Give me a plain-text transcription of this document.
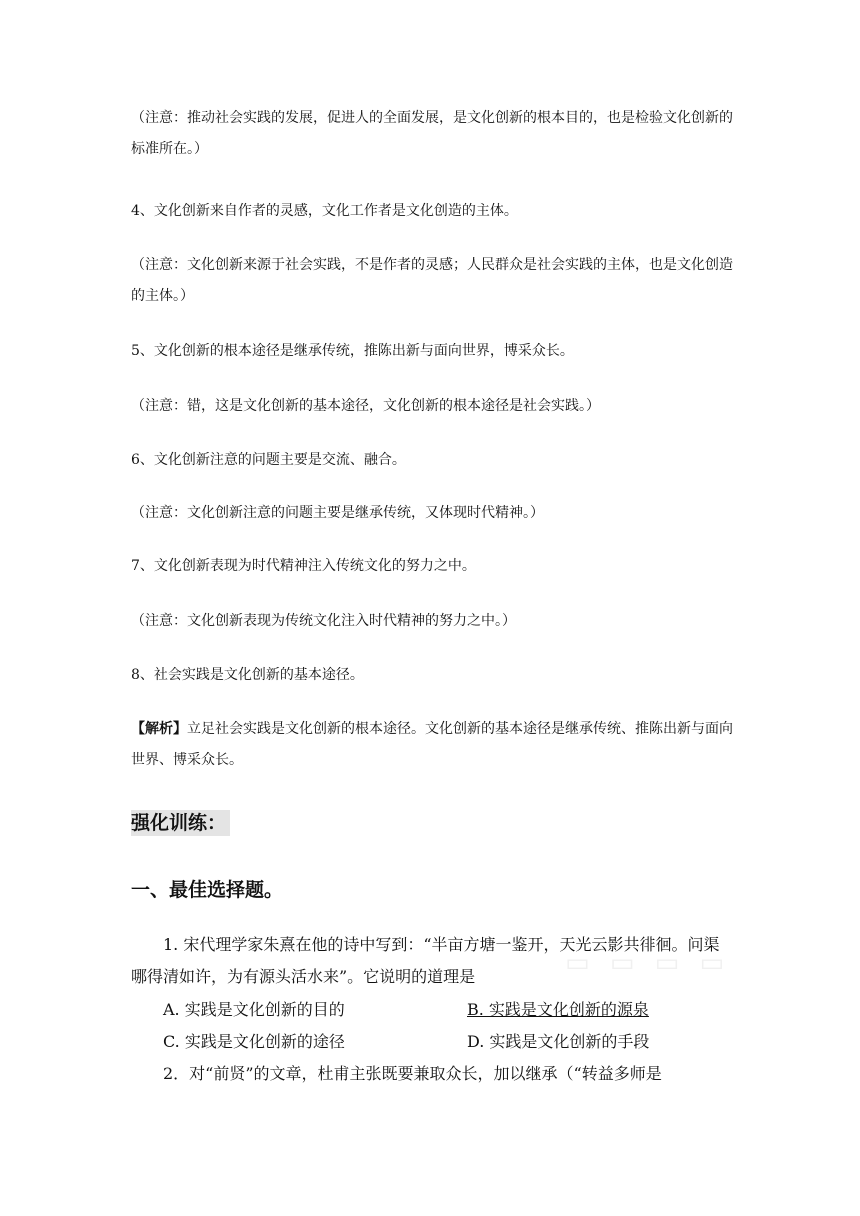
（注意：推动社会实践的发展，促进人的全面发展，是文化创新的根本目的，也是检验文化创新的标准所在。）

4、文化创新来自作者的灵感，文化工作者是文化创造的主体。

（注意：文化创新来源于社会实践，不是作者的灵感；人民群众是社会实践的主体，也是文化创造的主体。）

5、文化创新的根本途径是继承传统，推陈出新与面向世界，博采众长。

（注意：错，这是文化创新的基本途径，文化创新的根本途径是社会实践。）

6、文化创新注意的问题主要是交流、融合。

（注意：文化创新注意的问题主要是继承传统，又体现时代精神。）

7、文化创新表现为时代精神注入传统文化的努力之中。

（注意：文化创新表现为传统文化注入时代精神的努力之中。）

8、社会实践是文化创新的基本途径。

【解析】立足社会实践是文化创新的根本途径。文化创新的基本途径是继承传统、推陈出新与面向世界、博采众长。

强化训练：
一、最佳选择题。
▭ ▭ ▭ ▭

1. 宋代理学家朱熹在他的诗中写到：“半亩方塘一鉴开，天光云影共徘徊。问渠哪得清如许，为有源头活水来”。它说明的道理是

A. 实践是文化创新的目的	B. 实践是文化创新的源泉
C. 实践是文化创新的途径	D. 实践是文化创新的手段

2．对“前贤”的文章，杜甫主张既要兼取众长，加以继承（“转益多师是
